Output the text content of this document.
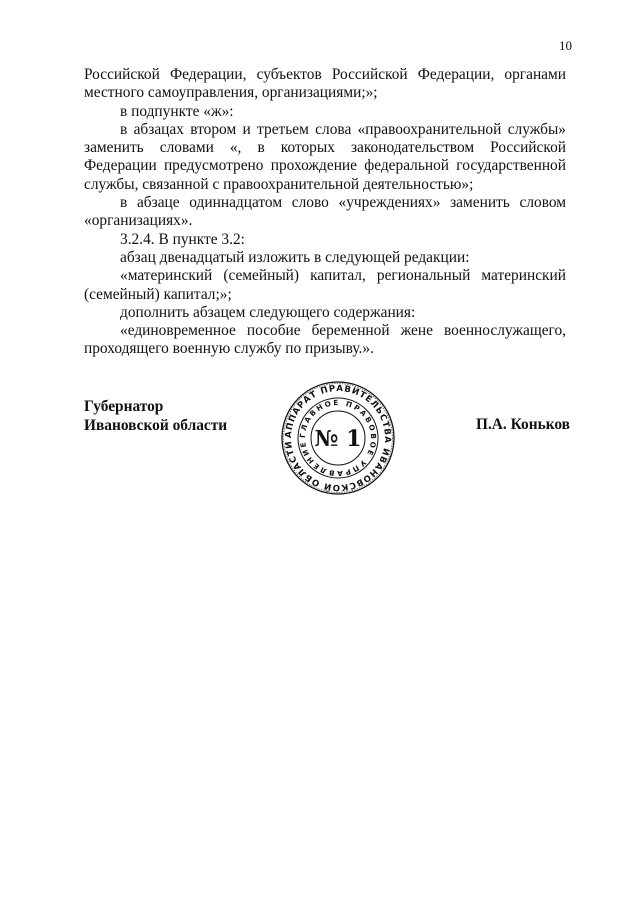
10

Российской Федерации, субъектов Российской Федерации, органами местного самоуправления, организациями;»;

в подпункте «ж»:

в абзацах втором и третьем слова «правоохранительной службы» заменить словами «, в которых законодательством Российской Федерации предусмотрено прохождение федеральной государственной службы, связанной с правоохранительной деятельностью»;

в абзаце одиннадцатом слово «учреждениях» заменить словом «организациях».

3.2.4. В пункте 3.2:

абзац двенадцатый изложить в следующей редакции:

«материнский (семейный) капитал, региональный материнский (семейный) капитал;»;

дополнить абзацем следующего содержания:

«единовременное пособие беременной жене военнослужащего, проходящего военную службу по призыву.».

Губернатор
Ивановской области
АППАРАТ ПРАВИТЕЛЬСТВА ИВАНОВСКОЙ ОБЛАСТИ
ГЛАВНОЕ ПРАВОВОЕ УПРАВЛЕНИЕ № 1
П.А. Коньков
